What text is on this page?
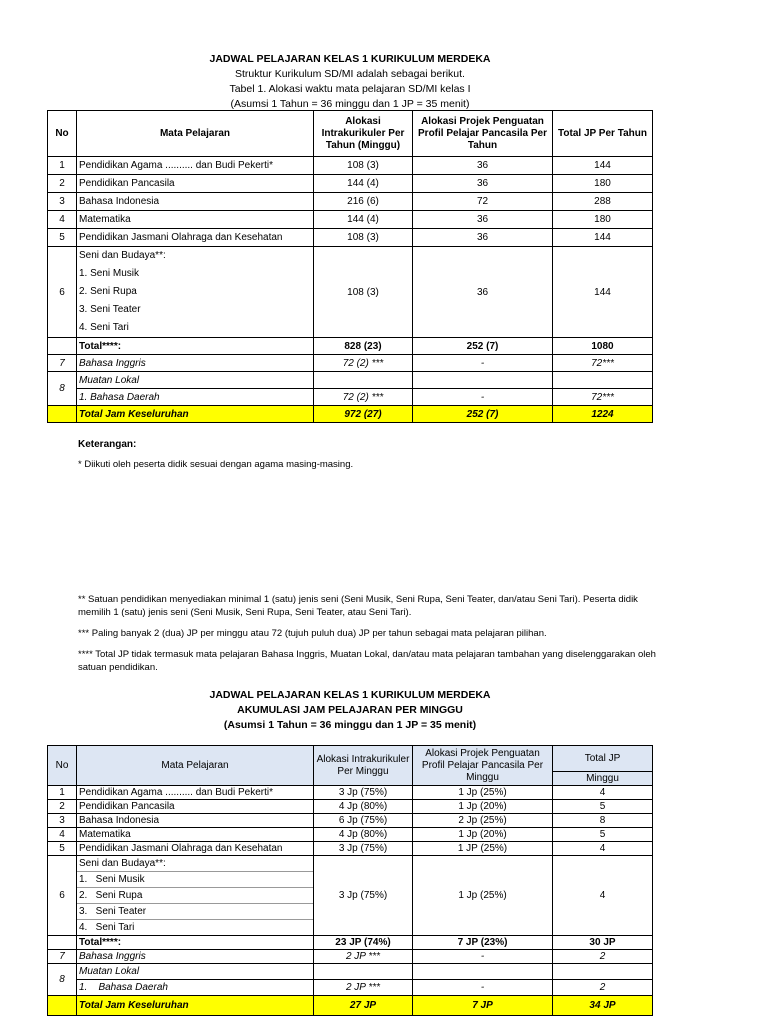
JADWAL PELAJARAN KELAS 1 KURIKULUM MERDEKA
Struktur Kurikulum SD/MI adalah sebagai berikut.
Tabel 1. Alokasi waktu mata pelajaran SD/MI kelas I
(Asumsi 1 Tahun = 36 minggu dan 1 JP = 35 menit)
No	Mata Pelajaran	Alokasi Intrakurikuler Per Tahun (Minggu)	Alokasi Projek Penguatan Profil Pelajar Pancasila Per Tahun	Total JP Per Tahun
1	Pendidikan Agama .......... dan Budi Pekerti*	108 (3)	36	144
2	Pendidikan Pancasila	144 (4)	36	180
3	Bahasa Indonesia	216 (6)	72	288
4	Matematika	144 (4)	36	180
5	Pendidikan Jasmani Olahraga dan Kesehatan	108 (3)	36	144
6	Seni dan Budaya**:
1. Seni Musik
2. Seni Rupa
3. Seni Teater
4. Seni Tari	108 (3)	36	144
	Total****:	828 (23)	252 (7)	1080
7	Bahasa Inggris	72 (2) ***	-	72***
8	Muatan Lokal			
	1. Bahasa Daerah	72 (2) ***	-	72***
	Total Jam Keseluruhan	972 (27)	252 (7)	1224
Keterangan:
* Diikuti oleh peserta didik sesuai dengan agama masing-masing.
** Satuan pendidikan menyediakan minimal 1 (satu) jenis seni (Seni Musik, Seni Rupa, Seni Teater, dan/atau Seni Tari). Peserta didik memilih 1 (satu) jenis seni (Seni Musik, Seni Rupa, Seni Teater, atau Seni Tari).
*** Paling banyak 2 (dua) JP per minggu atau 72 (tujuh puluh dua) JP per tahun sebagai mata pelajaran pilihan.
**** Total JP tidak termasuk mata pelajaran Bahasa Inggris, Muatan Lokal, dan/atau mata pelajaran tambahan yang diselenggarakan oleh satuan pendidikan.
JADWAL PELAJARAN KELAS 1 KURIKULUM MERDEKA
AKUMULASI JAM PELAJARAN PER MINGGU
(Asumsi 1 Tahun = 36 minggu dan 1 JP = 35 menit)
No	Mata Pelajaran	Alokasi Intrakurikuler Per Minggu	Alokasi Projek Penguatan Profil Pelajar Pancasila Per Minggu	Total JP
				Minggu
1	Pendidikan Agama .......... dan Budi Pekerti*	3 Jp (75%)	1 Jp (25%)	4
2	Pendidikan Pancasila	4 Jp (80%)	1 Jp (20%)	5
3	Bahasa Indonesia	6 Jp (75%)	2 Jp (25%)	8
4	Matematika	4 Jp (80%)	1 Jp (20%)	5
5	Pendidikan Jasmani Olahraga dan Kesehatan	3 Jp (75%)	1 JP (25%)	4
6	Seni dan Budaya**:
1.   Seni Musik
2.   Seni Rupa
3.   Seni Teater
4.   Seni Tari	3 Jp (75%)	1 Jp (25%)	4
	Total****:	23 JP (74%)	7 JP (23%)	30 JP
7	Bahasa Inggris	2 JP ***	-	2
8	Muatan Lokal			
	1.    Bahasa Daerah	2 JP ***	-	2
	Total Jam Keseluruhan	27 JP	7 JP	34 JP
